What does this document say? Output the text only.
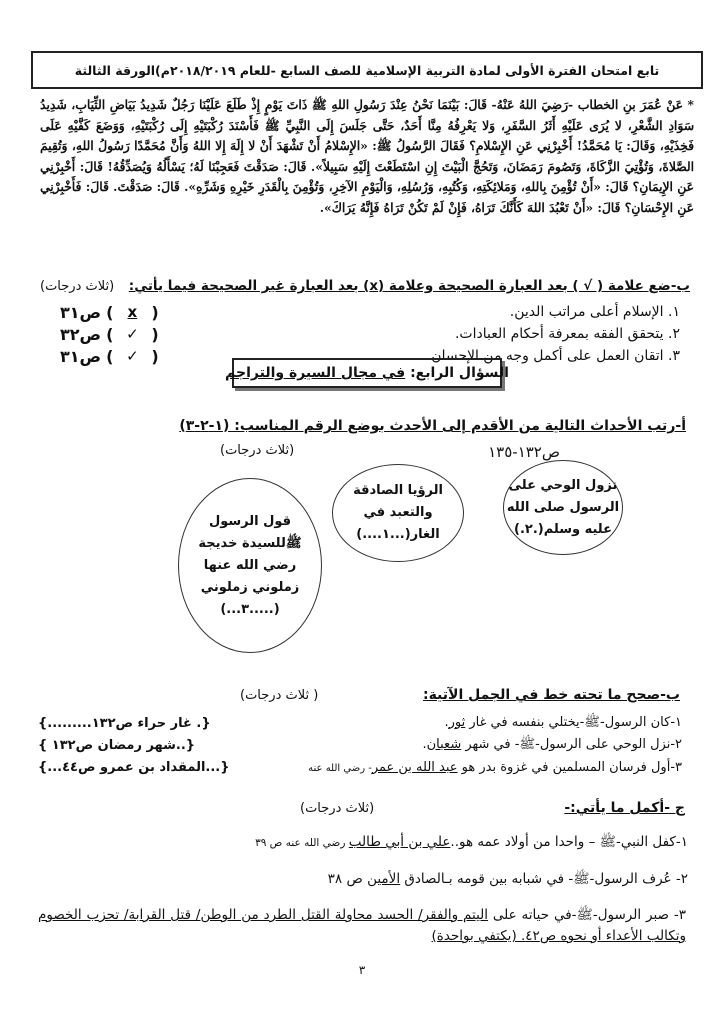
تابع امتحان الفترة الأولى لمادة التربية الإسلامية للصف السابع -للعام ٢٠١٨/٢٠١٩م)الورقة الثالثة
* عَنْ عُمَرَ بنِ الخطاب -رَضِيَ اللهُ عَنْهُ- قَالَ: بَيْنَمَا نَحْنُ عِنْدَ رَسُولِ اللهِ ﷺ ذَاتَ يَوْمٍ إِذْ طَلَعَ عَلَيْنَا رَجُلٌ شَدِيدُ بَيَاضِ الثِّيَابِ، شَدِيدُ سَوَادِ الشَّعْرِ، لا يُرَى عَلَيْهِ أَثَرُ السَّفَرِ، وَلا يَعْرِفُهُ مِنَّا أَحَدٌ، حَتَّى جَلَسَ إِلَى النَّبِيِّ ﷺ فَأَسْنَدَ رُكْبَتَيْهِ إِلَى رُكْبَتَيْهِ، وَوَضَعَ كَفَّيْهِ عَلَى فَخِذَيْهِ، وَقَالَ: يَا مُحَمَّدُ! أَخْبِرْنِي عَنِ الإِسْلامِ؟ فَقَالَ الرَّسُولُ ﷺ: «الإِسْلامُ أَنْ تَشْهَدَ أَنْ لا إِلَهَ إِلا اللهُ وَأَنَّ مُحَمَّدًا رَسُولُ اللهِ، وَتُقِيمَ الصَّلاةَ، وَتُؤْتِيَ الزَّكَاةَ، وَتَصُومَ رَمَضَانَ، وَتَحُجَّ الْبَيْتَ إِنِ اسْتَطَعْتَ إِلَيْهِ سَبِيلاً». قَالَ: صَدَقْتَ فَعَجِبْنَا لَهُ؛ يَسْأَلُهُ وَيُصَدِّقُهُ! قَالَ: أَخْبِرْنِي عَنِ الإِيمَانِ؟ قَالَ: «أَنْ تُؤْمِنَ بِاللهِ، وَمَلائِكَتِهِ، وَكُتُبِهِ، وَرُسُلِهِ، وَالْيَوْمِ الآخِرِ، وَتُؤْمِنَ بِالْقَدَرِ خَيْرِهِ وَشَرِّهِ». قَالَ: صَدَقْتَ. قَالَ: فَأَخْبِرْنِي عَنِ الإِحْسَانِ؟ قَالَ: «أَنْ تَعْبُدَ اللهَ كَأَنَّكَ تَرَاهُ، فَإِنْ لَمْ تَكُنْ تَرَاهُ فَإِنَّهُ يَرَاكَ».
ب-ضع علامة ( √ ) بعد العبارة الصحيحة وعلامة (x) بعد العبارة غير الصحيحة فيما يأتي:
(ثلاث درجات)
١. الإسلام أعلى مراتب الدين.
(
x
)
ص٣١
٢. يتحقق الفقه بمعرفة أحكام العبادات.
(
✓
)
ص٣٢
٣. اتقان العمل على أكمل وجه من الإحسان.
(
✓
)
ص٣١
السؤال الرابع: في مجال السيرة والتراجم
أ-رتب الأحداث التالية من الأقدم إلى الأحدث بوضع الرقم المناسب: (١-٢-٣)
ص١٣٢-١٣٥
(ثلاث درجات)
نزول الوحي على
الرسول صلى الله
عليه وسلم(.٢.)
الرؤيا الصادقة
والتعبد في
الغار(...١....)
قول الرسول
ﷺللسيدة خديجة
رضي الله عنها
زملوني زملوني
(.....٣...)
ب-صحح ما تحته خط في الجمل الآتية:
( ثلاث درجات)
١-كان الرسول-ﷺ-يختلي بنفسه في غار ثور.
{. غار حراء ص١٣٢.........}
٢-نزل الوحي على الرسول-ﷺ- في شهر شعبان.
{..شهر رمضان ص١٣٢ }
٣-أول فرسان المسلمين في غزوة بدر هو عبد الله بن عمر- رضي الله عنه
{...المقداد بن عمرو ص٤٤...}
ج -أكمل ما يأتي:-
(ثلاث درجات)
١-كفل النبي-ﷺ – واحدا من أولاد عمه هو..علي بن أبي طالب رضي الله عنه ص ٣٩
٢- عُرف الرسول-ﷺ- في شبابه بين قومه بـالصادق الأمين ص ٣٨
٣- صبر الرسول-ﷺ-في حياته على اليتم والفقر/ الحسد محاولة القتل الطرد من الوطن/ قتل القرابة/ تحزب الخصوم وتكالب الأعداء أو نحوه ص٤٢. (يكتفي بواحدة)
٣
